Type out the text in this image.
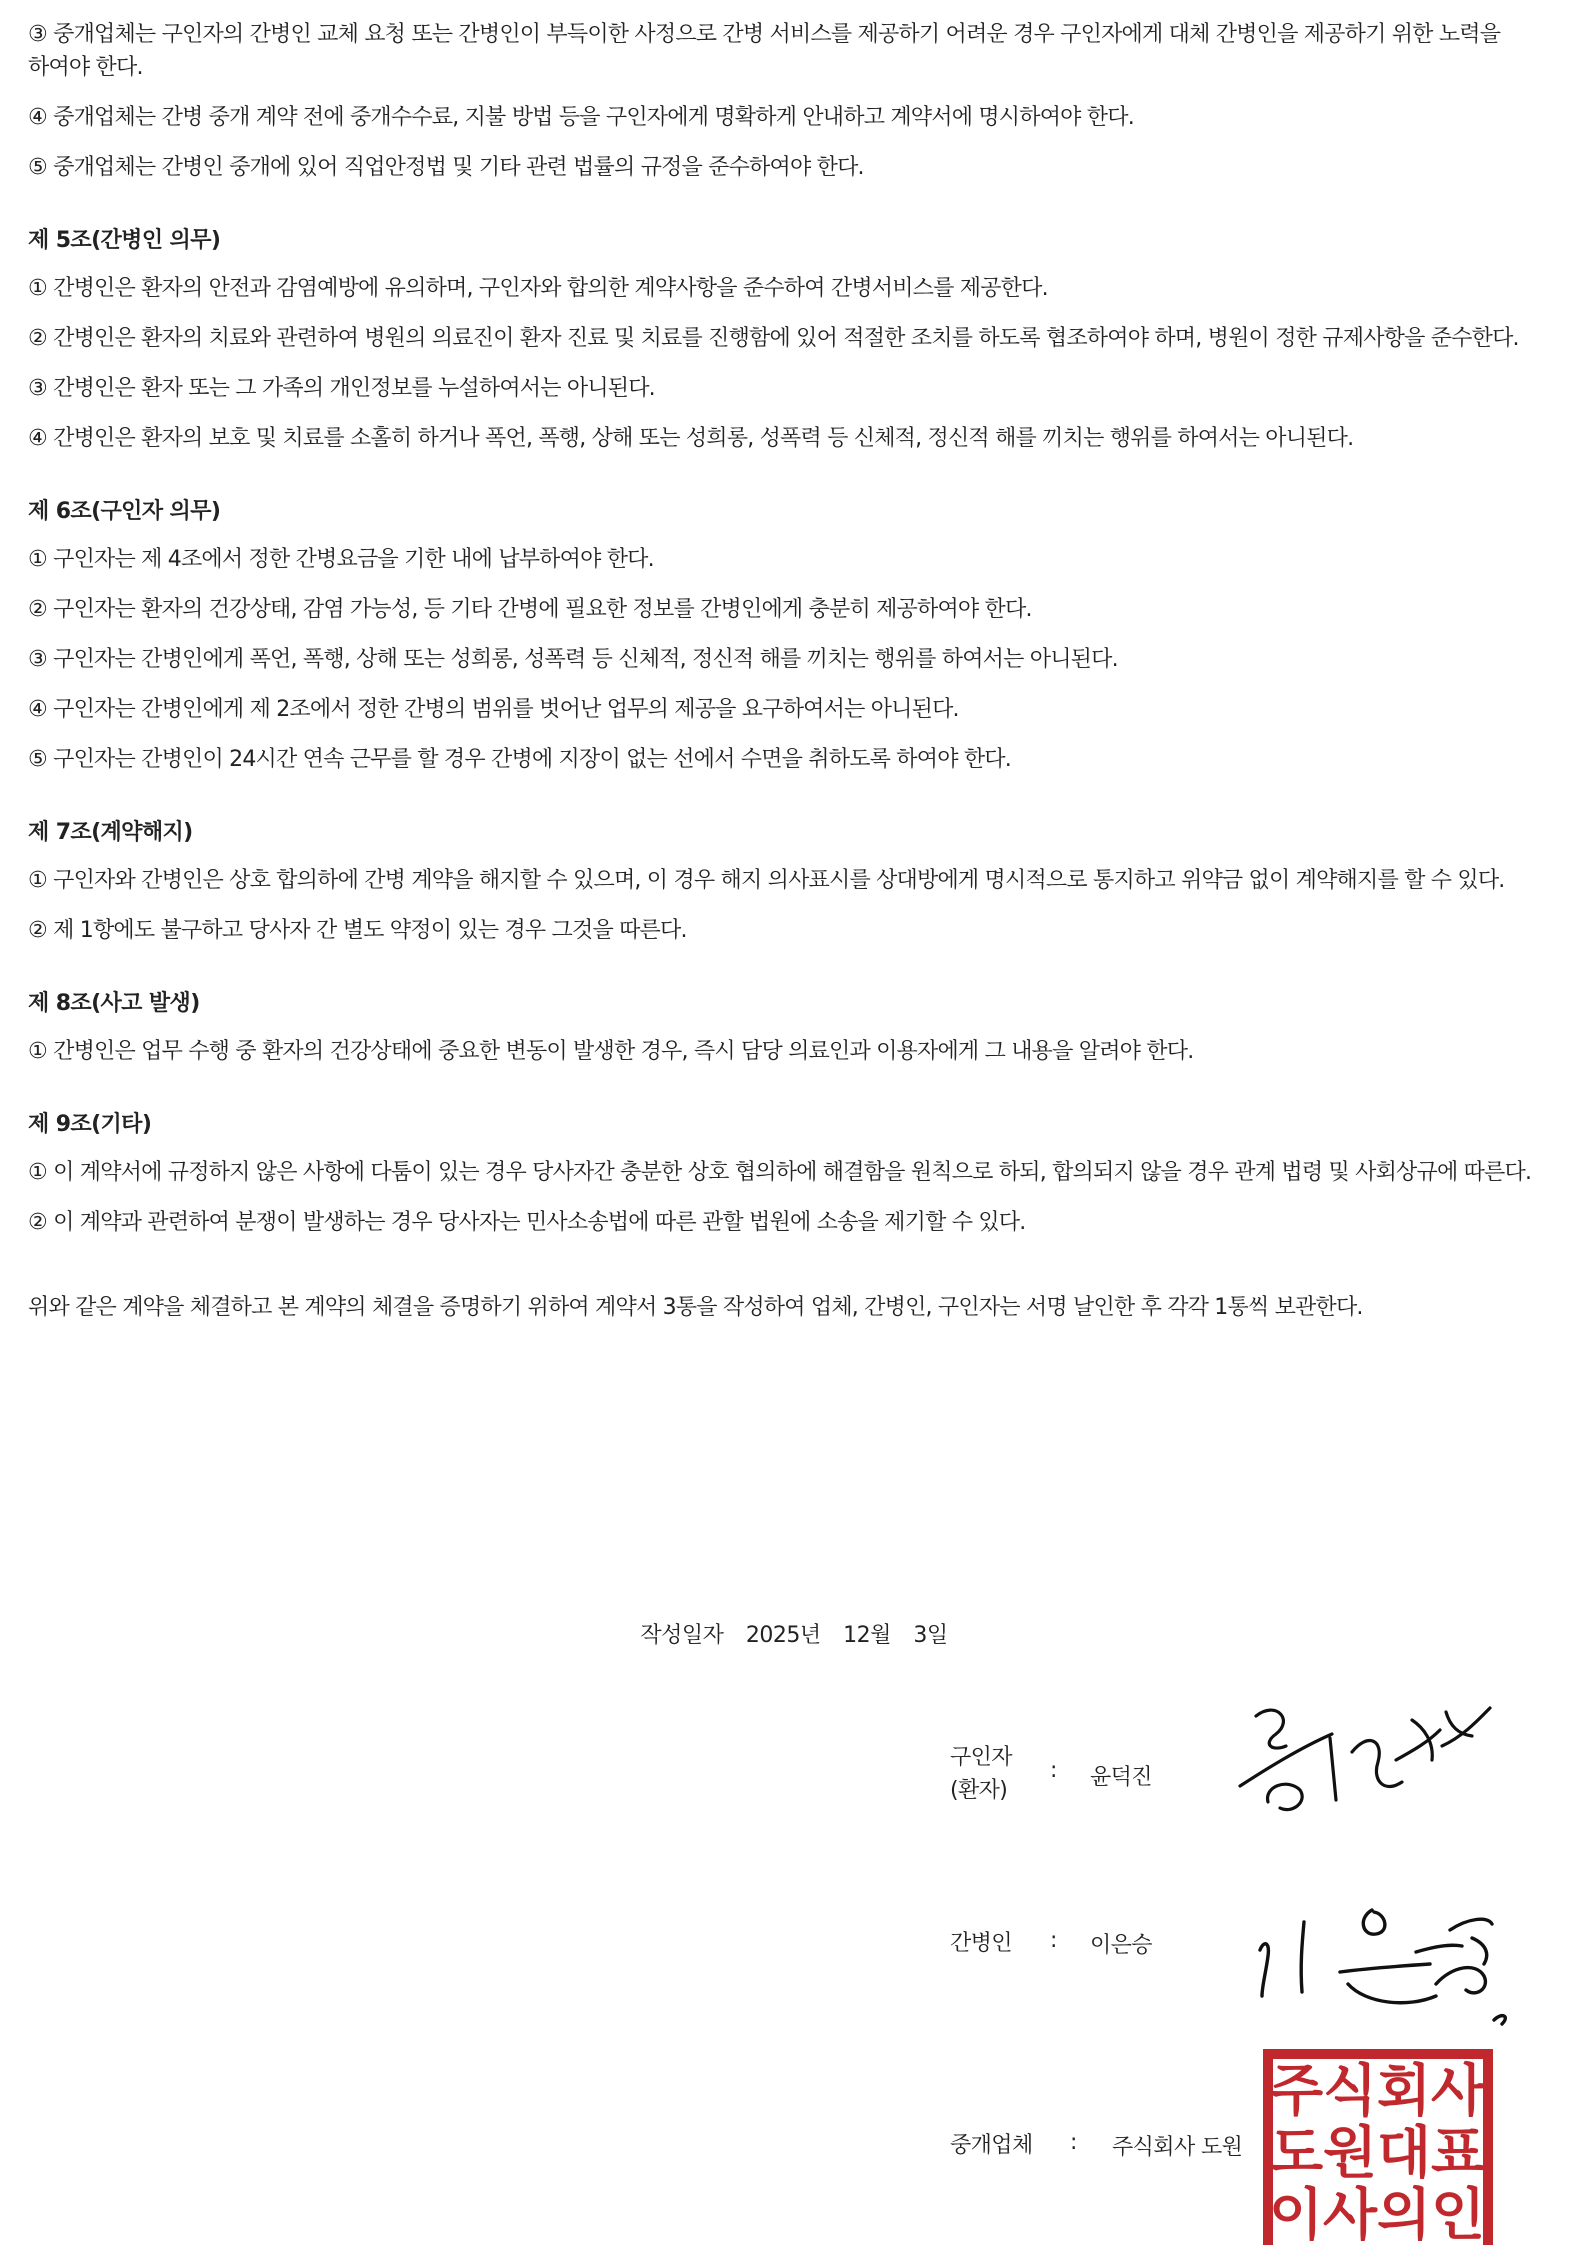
③ 중개업체는 구인자의 간병인 교체 요청 또는 간병인이 부득이한 사정으로 간병 서비스를 제공하기 어려운 경우 구인자에게 대체 간병인을 제공하기 위한 노력을 하여야 한다.

④ 중개업체는 간병 중개 계약 전에 중개수수료, 지불 방법 등을 구인자에게 명확하게 안내하고 계약서에 명시하여야 한다.

⑤ 중개업체는 간병인 중개에 있어 직업안정법 및 기타 관련 법률의 규정을 준수하여야 한다.

제 5조(간병인 의무)

① 간병인은 환자의 안전과 감염예방에 유의하며, 구인자와 합의한 계약사항을 준수하여 간병서비스를 제공한다.

② 간병인은 환자의 치료와 관련하여 병원의 의료진이 환자 진료 및 치료를 진행함에 있어 적절한 조치를 하도록 협조하여야 하며, 병원이 정한 규제사항을 준수한다.

③ 간병인은 환자 또는 그 가족의 개인정보를 누설하여서는 아니된다.

④ 간병인은 환자의 보호 및 치료를 소홀히 하거나 폭언, 폭행, 상해 또는 성희롱, 성폭력 등 신체적, 정신적 해를 끼치는 행위를 하여서는 아니된다.

제 6조(구인자 의무)

① 구인자는 제 4조에서 정한 간병요금을 기한 내에 납부하여야 한다.

② 구인자는 환자의 건강상태, 감염 가능성, 등 기타 간병에 필요한 정보를 간병인에게 충분히 제공하여야 한다.

③ 구인자는 간병인에게 폭언, 폭행, 상해 또는 성희롱, 성폭력 등 신체적, 정신적 해를 끼치는 행위를 하여서는 아니된다.

④ 구인자는 간병인에게 제 2조에서 정한 간병의 범위를 벗어난 업무의 제공을 요구하여서는 아니된다.

⑤ 구인자는 간병인이 24시간 연속 근무를 할 경우 간병에 지장이 없는 선에서 수면을 취하도록 하여야 한다.

제 7조(계약해지)

① 구인자와 간병인은 상호 합의하에 간병 계약을 해지할 수 있으며, 이 경우 해지 의사표시를 상대방에게 명시적으로 통지하고 위약금 없이 계약해지를 할 수 있다.

② 제 1항에도 불구하고 당사자 간 별도 약정이 있는 경우 그것을 따른다.

제 8조(사고 발생)

① 간병인은 업무 수행 중 환자의 건강상태에 중요한 변동이 발생한 경우, 즉시 담당 의료인과 이용자에게 그 내용을 알려야 한다.

제 9조(기타)

① 이 계약서에 규정하지 않은 사항에 다툼이 있는 경우 당사자간 충분한 상호 협의하에 해결함을 원칙으로 하되, 합의되지 않을 경우 관계 법령 및 사회상규에 따른다.

② 이 계약과 관련하여 분쟁이 발생하는 경우 당사자는 민사소송법에 따른 관할 법원에 소송을 제기할 수 있다.

위와 같은 계약을 체결하고 본 계약의 체결을 증명하기 위하여 계약서 3통을 작성하여 업체, 간병인, 구인자는 서명 날인한 후 각각 1통씩 보관한다.

작성일자 2025년 12월 3일
구인자
(환자)
: 윤덕진
간병인 : 이은승
중개업체 : 주식회사 도원
주 식 회 사
도 원 대 표
이 사 의 인
